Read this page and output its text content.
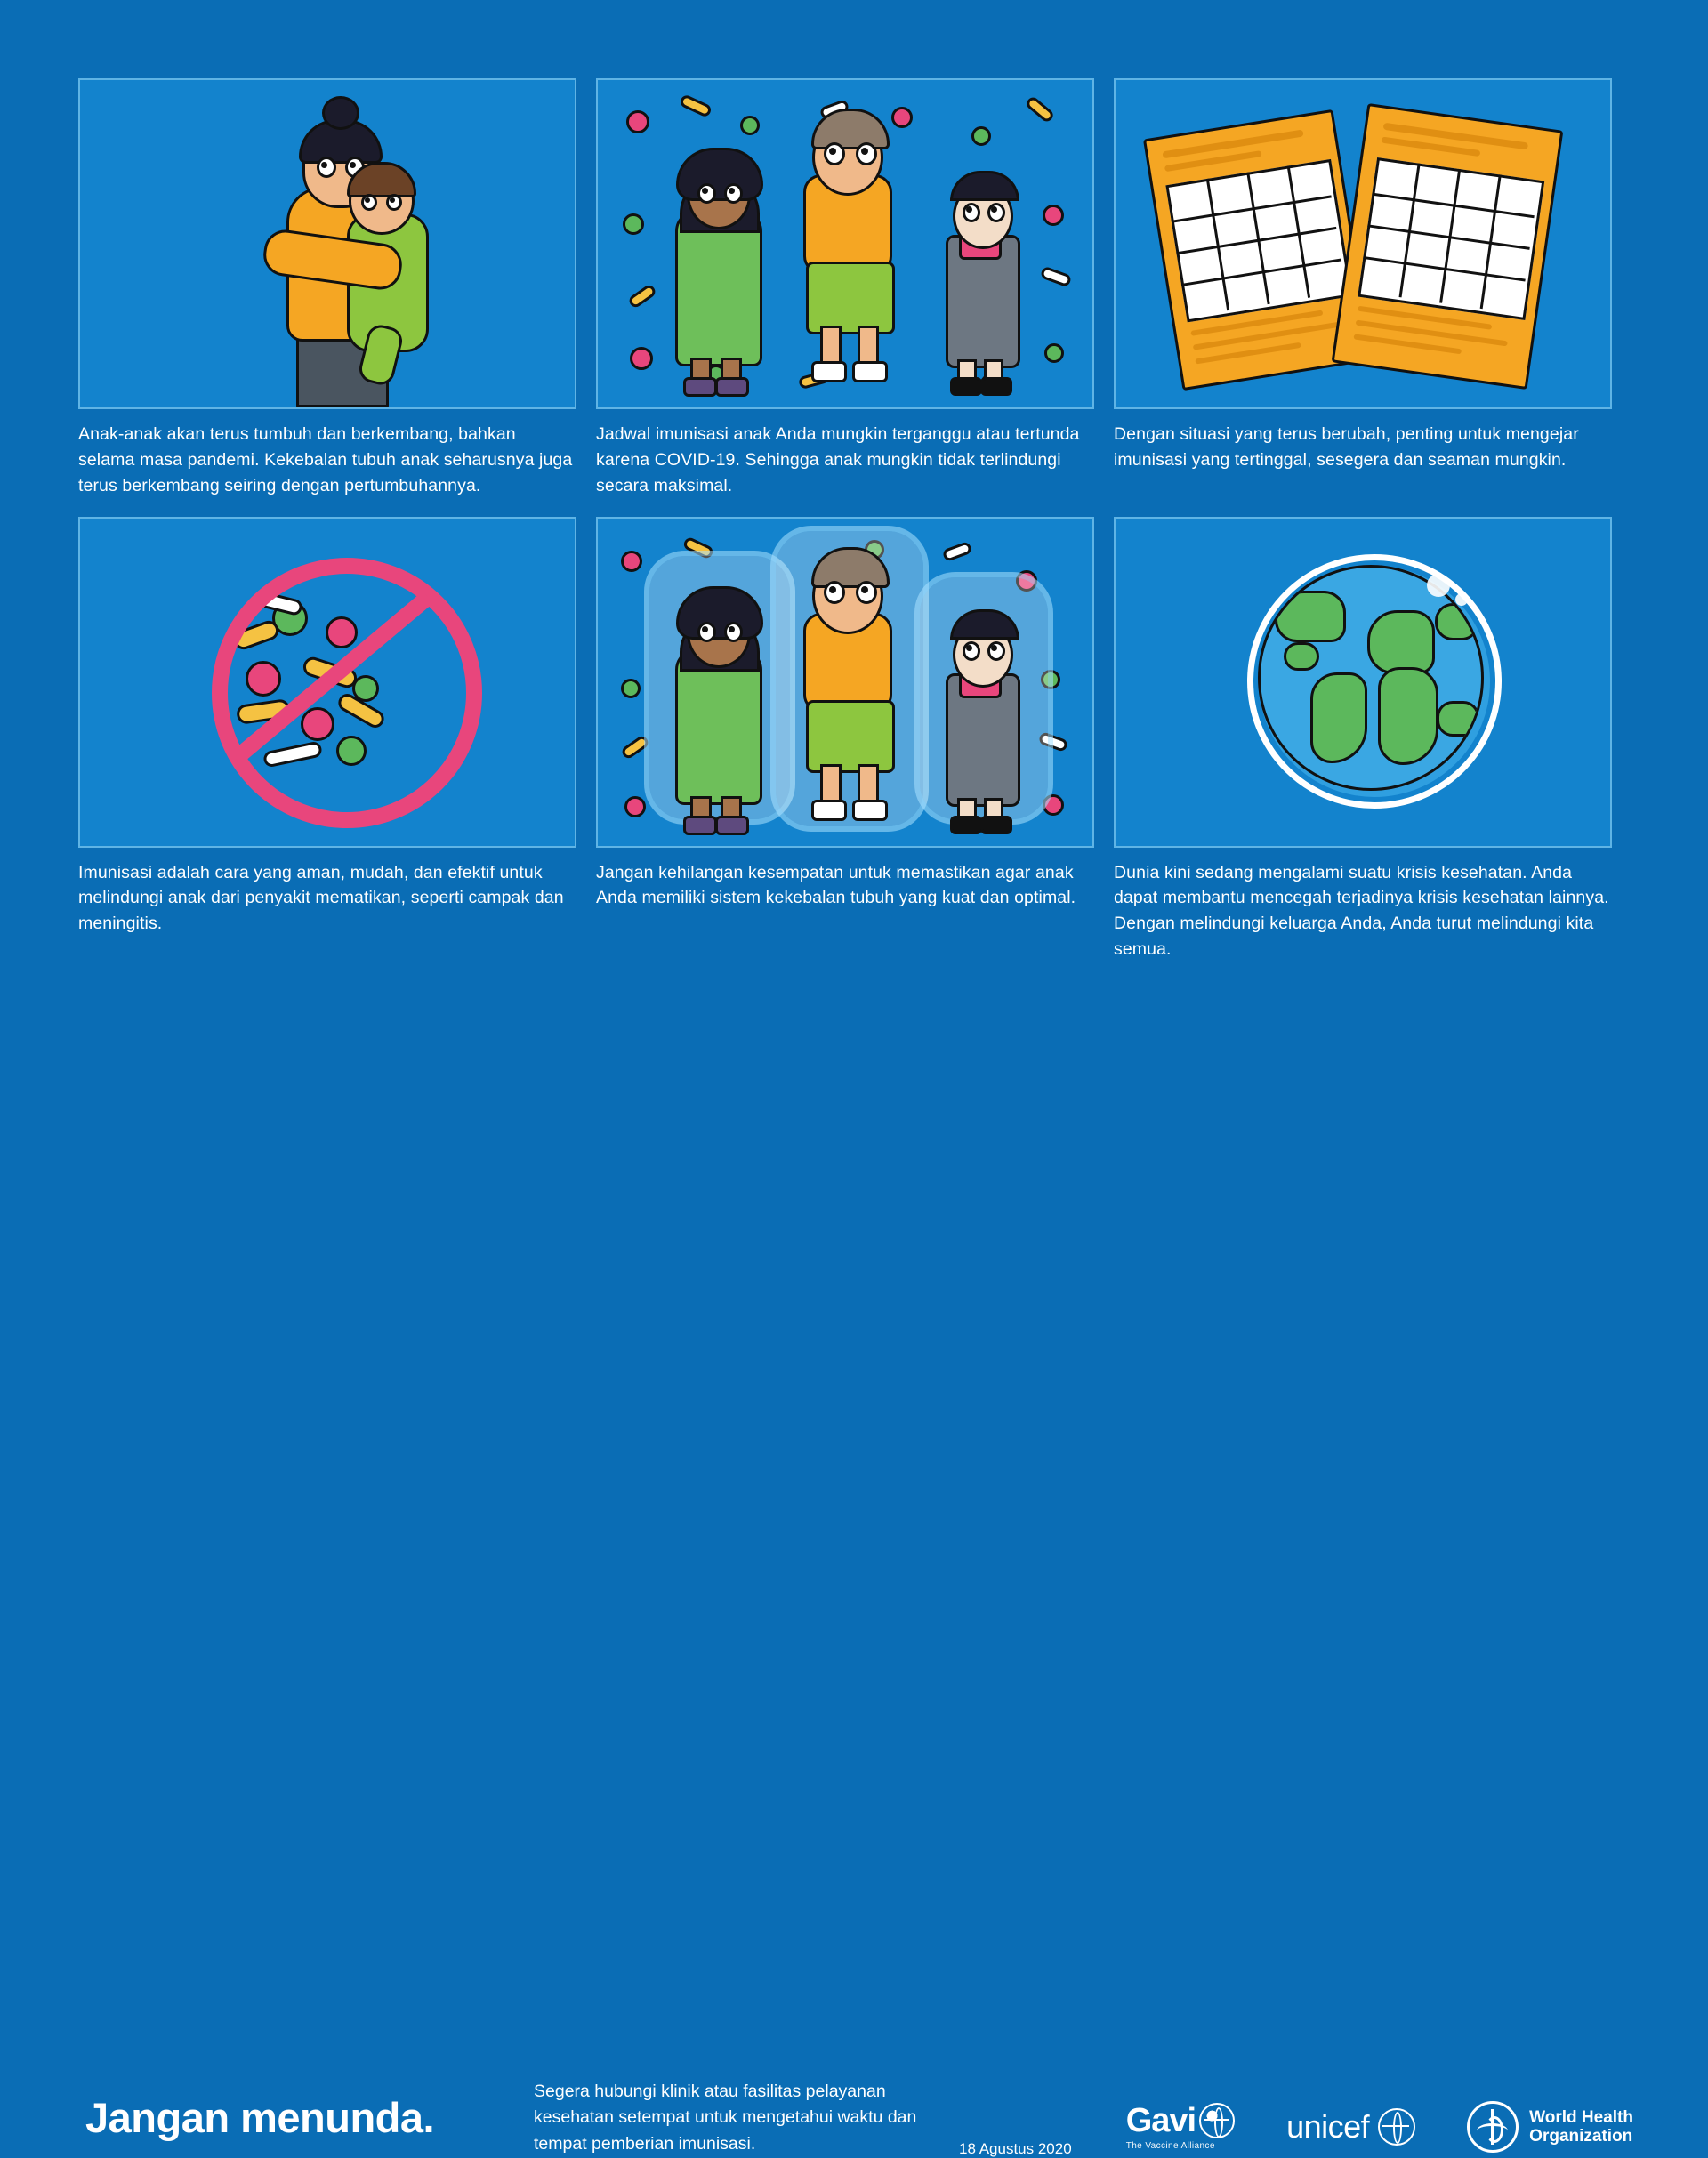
Anak-anak akan terus tumbuh dan berkembang, bahkan selama masa pandemi. Kekebalan tubuh anak seharusnya juga terus berkembang seiring dengan pertumbuhannya.
Jadwal imunisasi anak Anda mungkin terganggu atau tertunda karena COVID-19. Sehingga anak mungkin tidak terlindungi secara maksimal.
Dengan situasi yang terus berubah, penting untuk mengejar imunisasi yang tertinggal, sesegera dan seaman mungkin.
Imunisasi adalah cara yang aman, mudah, dan efektif untuk melindungi anak dari penyakit mematikan, seperti campak dan meningitis.
Jangan kehilangan kesempatan untuk memastikan agar anak Anda memiliki sistem kekebalan tubuh yang kuat dan optimal.
Dunia kini sedang mengalami suatu krisis kesehatan. Anda dapat membantu mencegah terjadinya krisis kesehatan lainnya. Dengan melindungi keluarga Anda, Anda turut melindungi kita semua.
Jangan menunda.
Segera hubungi klinik atau fasilitas pelayanan kesehatan setempat untuk mengetahui waktu dan tempat pemberian imunisasi.	18 Agustus 2020
Gavi
The Vaccine Alliance
unicef	World Health
Organization
